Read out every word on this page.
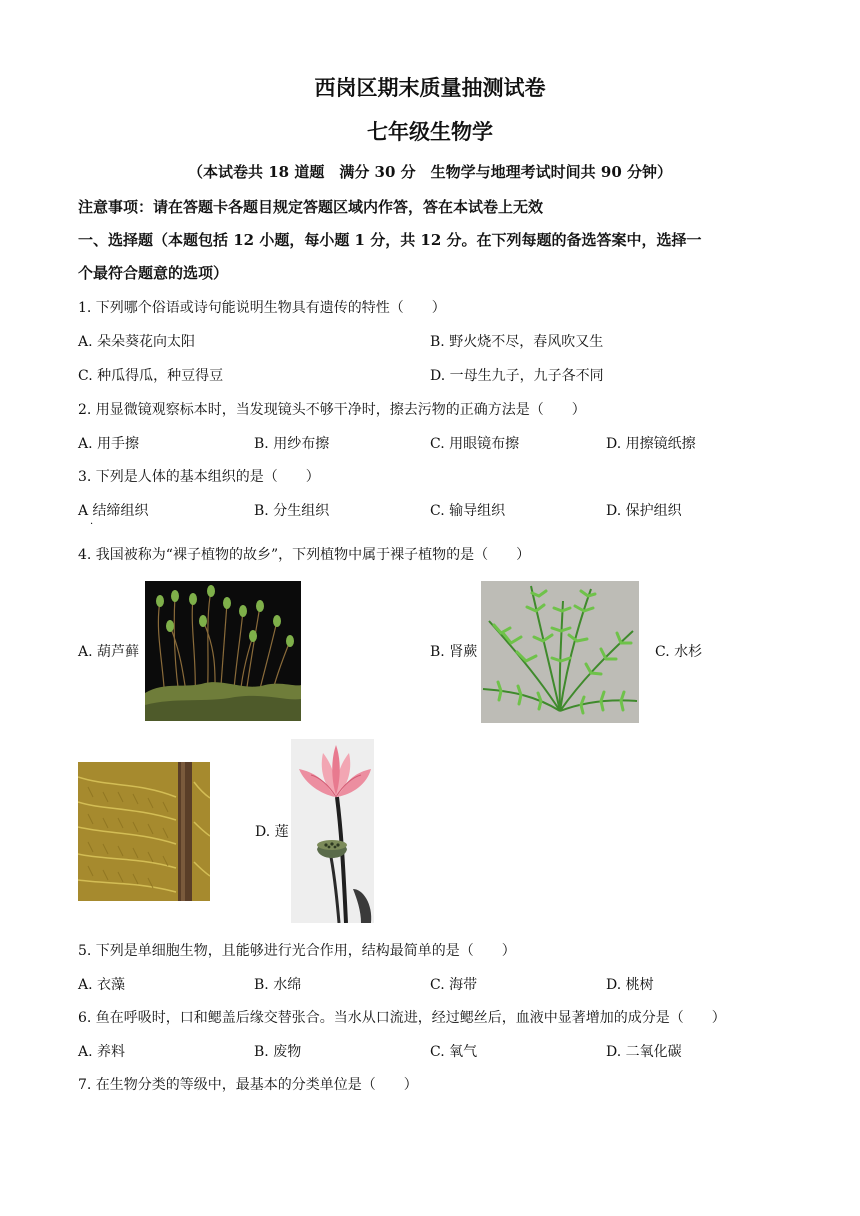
西岗区期末质量抽测试卷
七年级生物学
（本试卷共 18 道题　满分 30 分　生物学与地理考试时间共 90 分钟）
注意事项：请在答题卡各题目规定答题区域内作答，答在本试卷上无效
一、选择题（本题包括 12 小题，每小题 1 分，共 12 分。在下列每题的备选答案中，选择一
个最符合题意的选项）
1. 下列哪个俗语或诗句能说明生物具有遗传的特性（　　）
A. 朵朵葵花向太阳	B. 野火烧不尽，春风吹又生
C. 种瓜得瓜，种豆得豆	D. 一母生九子，九子各不同
2. 用显微镜观察标本时，当发现镜头不够干净时，擦去污物的正确方法是（　　）
A. 用手擦	B. 用纱布擦	C. 用眼镜布擦	D. 用擦镜纸擦
3. 下列是人体的基本组织的是（　　）
A 结缔组织
·
B. 分生组织	C. 输导组织	D. 保护组织
4. 我国被称为“裸子植物的故乡”，下列植物中属于裸子植物的是（　　）
A. 葫芦藓	B. 肾蕨	C. 水杉
D. 莲
5. 下列是单细胞生物，且能够进行光合作用，结构最简单的是（　　）
A. 衣藻	B. 水绵	C. 海带	D. 桃树
6. 鱼在呼吸时，口和鳃盖后缘交替张合。当水从口流进，经过鳃丝后，血液中显著增加的成分是（　　）
A. 养料	B. 废物	C. 氧气	D. 二氧化碳
7. 在生物分类的等级中，最基本的分类单位是（　　）
